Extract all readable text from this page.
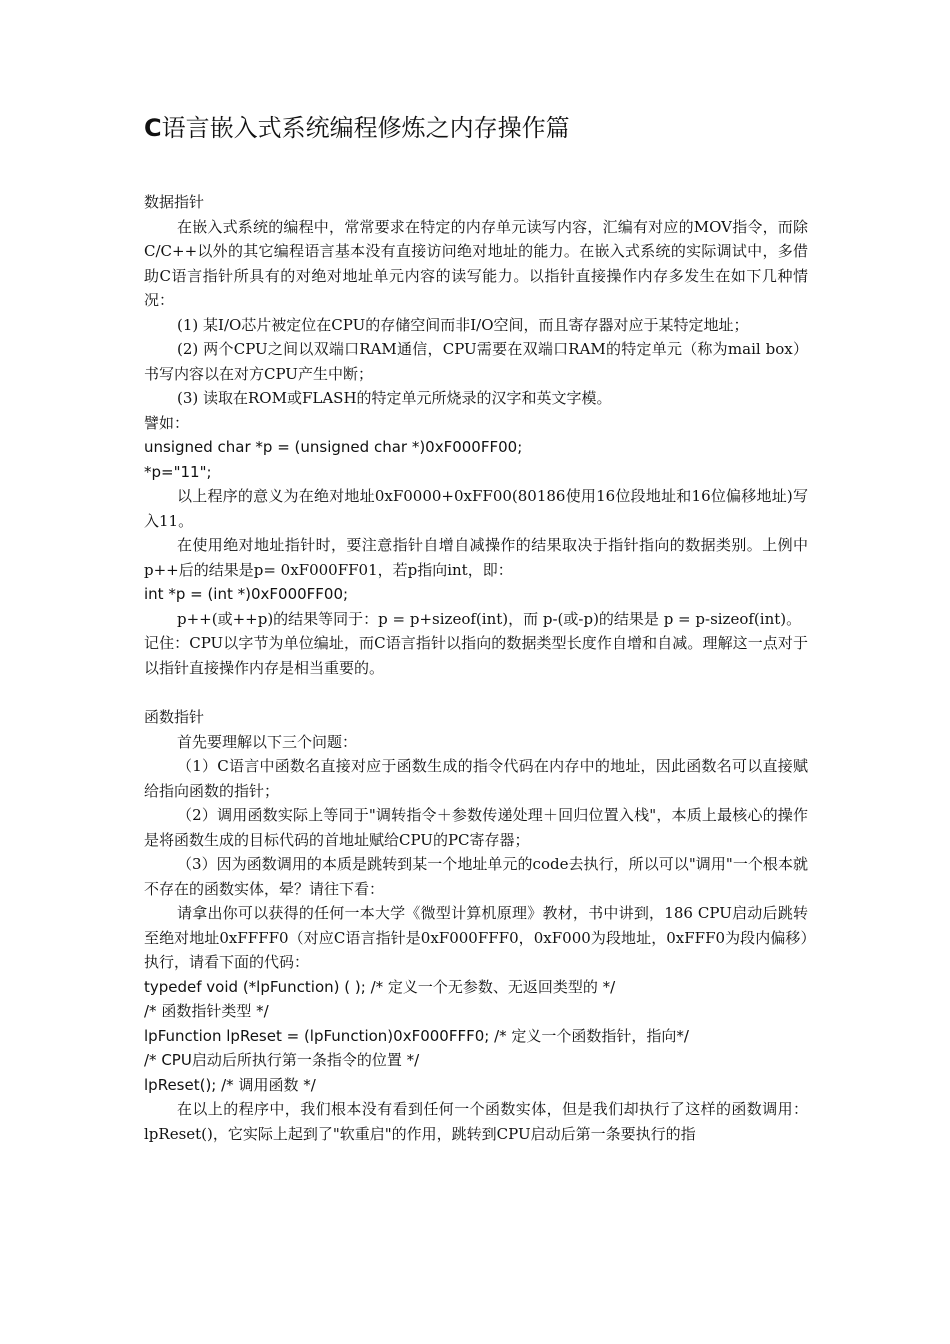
C语言嵌入式系统编程修炼之内存操作篇

数据指针

在嵌入式系统的编程中，常常要求在特定的内存单元读写内容，汇编有对应的MOV指令，而除C/C++以外的其它编程语言基本没有直接访问绝对地址的能力。在嵌入式系统的实际调试中，多借助C语言指针所具有的对绝对地址单元内容的读写能力。以指针直接操作内存多发生在如下几种情况：

(1) 某I/O芯片被定位在CPU的存储空间而非I/O空间，而且寄存器对应于某特定地址；

(2) 两个CPU之间以双端口RAM通信，CPU需要在双端口RAM的特定单元（称为mail box）书写内容以在对方CPU产生中断；

(3) 读取在ROM或FLASH的特定单元所烧录的汉字和英文字模。

譬如：

unsigned char *p = (unsigned char *)0xF000FF00;

*p="11";

以上程序的意义为在绝对地址0xF0000+0xFF00(80186使用16位段地址和16位偏移地址)写入11。

在使用绝对地址指针时，要注意指针自增自减操作的结果取决于指针指向的数据类别。上例中p++后的结果是p= 0xF000FF01，若p指向int，即：

int *p = (int *)0xF000FF00;

p++(或++p)的结果等同于：p = p+sizeof(int)，而 p-(或-p)的结果是 p = p-sizeof(int)。

记住：CPU以字节为单位编址，而C语言指针以指向的数据类型长度作自增和自减。理解这一点对于以指针直接操作内存是相当重要的。

函数指针

首先要理解以下三个问题：

（1）C语言中函数名直接对应于函数生成的指令代码在内存中的地址，因此函数名可以直接赋给指向函数的指针；

（2）调用函数实际上等同于"调转指令＋参数传递处理＋回归位置入栈"，本质上最核心的操作是将函数生成的目标代码的首地址赋给CPU的PC寄存器；

（3）因为函数调用的本质是跳转到某一个地址单元的code去执行，所以可以"调用"一个根本就不存在的函数实体，晕？请往下看：

请拿出你可以获得的任何一本大学《微型计算机原理》教材，书中讲到，186 CPU启动后跳转至绝对地址0xFFFF0（对应C语言指针是0xF000FFF0，0xF000为段地址，0xFFF0为段内偏移）执行，请看下面的代码：

typedef void (*lpFunction) ( ); /* 定义一个无参数、无返回类型的 */

/* 函数指针类型 */

lpFunction lpReset = (lpFunction)0xF000FFF0; /* 定义一个函数指针，指向*/

/* CPU启动后所执行第一条指令的位置 */

lpReset(); /* 调用函数 */

在以上的程序中，我们根本没有看到任何一个函数实体，但是我们却执行了这样的函数调用：lpReset()，它实际上起到了"软重启"的作用，跳转到CPU启动后第一条要执行的指
